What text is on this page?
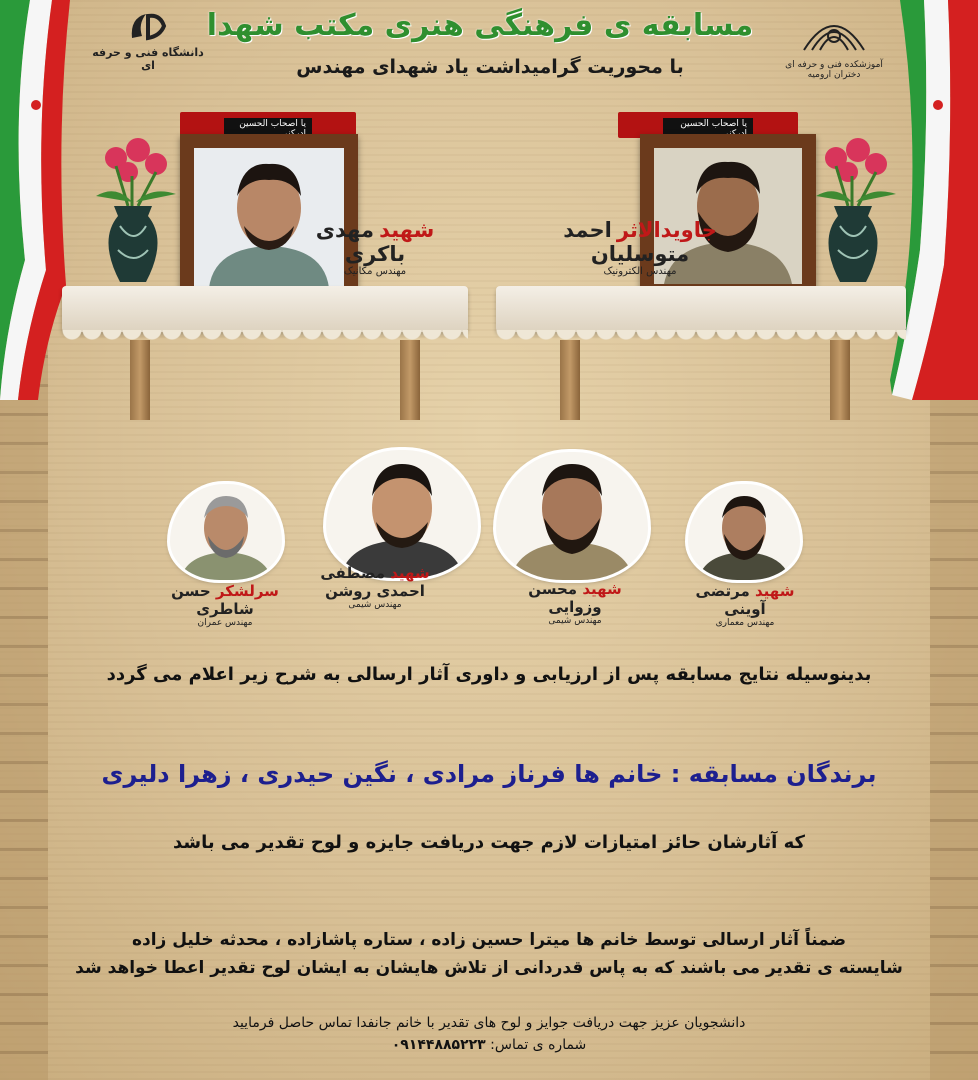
دانشگاه فنی و حرفه ای	آموزشکده فنی و حرفه ای دختران ارومیه
مسابقه ی فرهنگی هنری مکتب شهدا
با محوریت گرامیداشت یاد شهدای مهندس
یا اصحاب الحسین
شهید مهدی باکری
مهندس مکانیک
یا اصحاب الحسین
جاویدالاثر احمد متوسلیان
مهندس الکترونیک
سرلشکر حسن شاطری
مهندس عمران
شهید مصطفی احمدی روشن
مهندس شیمی
شهید محسن وزوایی
مهندس شیمی
شهید مرتضی آوینی
مهندس معماری
بدینوسیله نتایج مسابقه پس از ارزیابی و داوری آثار ارسالی به شرح زیر اعلام می گردد
برندگان مسابقه : خانم ها فرناز مرادی ، نگین حیدری ، زهرا دلیری
که آثارشان حائز امتیازات لازم جهت دریافت جایزه و لوح تقدیر می باشد
ضمناً آثار ارسالی توسط خانم ها میترا حسین زاده ، ستاره پاشازاده ، محدثه خلیل زاده
شایسته ی تقدیر می باشند که به پاس قدردانی از تلاش هایشان به ایشان لوح تقدیر اعطا خواهد شد
دانشجویان عزیز جهت دریافت جوایز و لوح های تقدیر با خانم جانفدا تماس حاصل فرمایید
شماره ی تماس: ۰۹۱۴۴۸۸۵۲۲۳
